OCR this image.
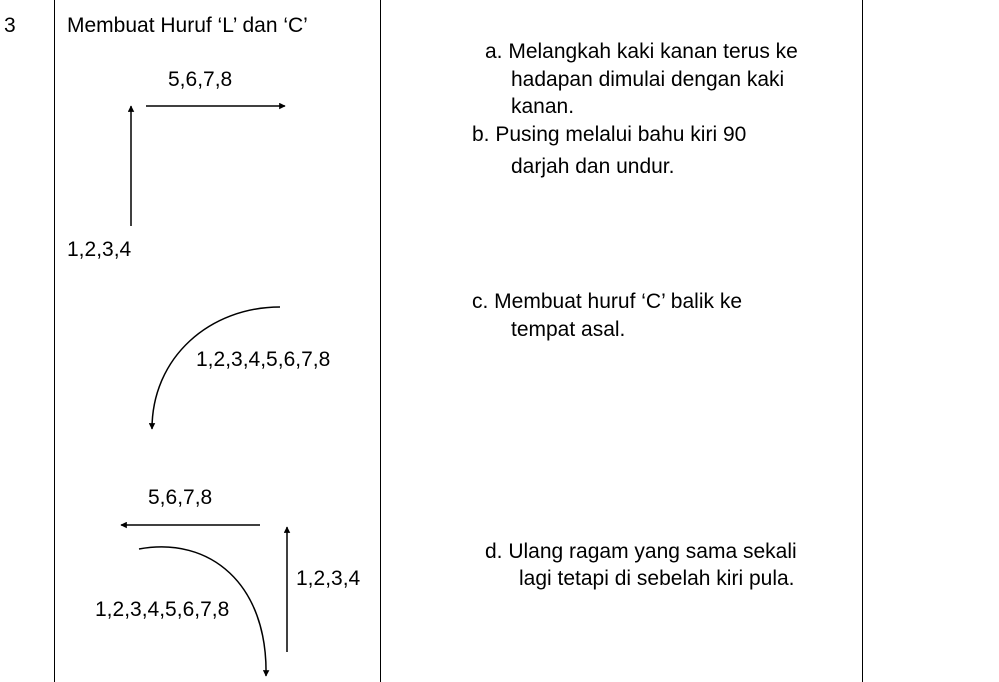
3 Membuat Huruf ‘L’ dan ‘C’
5,6,7,8
1,2,3,4
1,2,3,4,5,6,7,8
5,6,7,8
1,2,3,4
1,2,3,4,5,6,7,8
a. Melangkah kaki kanan terus ke
hadapan dimulai dengan kaki
kanan.
b. Pusing melalui bahu kiri 90
darjah dan undur.
c. Membuat huruf ‘C’ balik ke
tempat asal.
d. Ulang ragam yang sama sekali
lagi tetapi di sebelah kiri pula.
